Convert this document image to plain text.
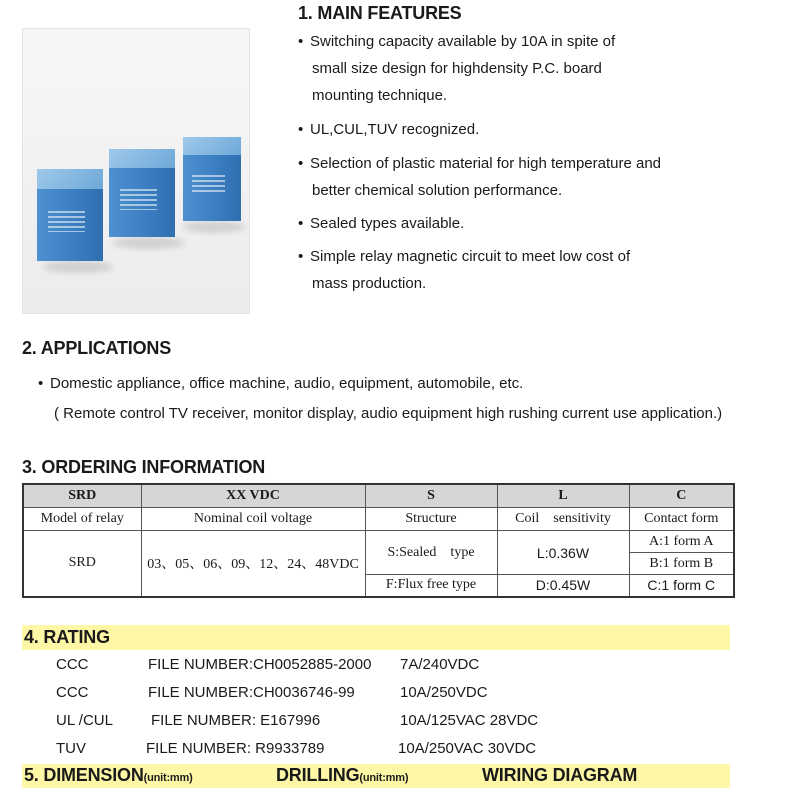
1. MAIN FEATURES
• Switching capacity available by 10A in spite of
small size design for highdensity P.C. board
mounting technique.
• UL,CUL,TUV recognized.
• Selection of plastic material for high temperature and
better chemical solution performance.
• Sealed types available.
• Simple relay magnetic circuit to meet low cost of
mass production.
2. APPLICATIONS
• Domestic appliance, office machine, audio, equipment, automobile, etc.
( Remote control TV receiver, monitor display, audio equipment high rushing current use application.)
3. ORDERING INFORMATION
SRD	XX VDC	S	L	C
Model of relay	Nominal coil voltage	Structure	Coil    sensitivity	Contact form
SRD	03、05、06、09、12、24、48VDC	S:Sealed    type	L:0.36W	A:1 form A
				B:1 form B
		F:Flux free type	D:0.45W	C:1 form C
4. RATING
CCC	FILE NUMBER:CH0052885-2000 7A/240VDC
CCC	FILE NUMBER:CH0036746-99	10A/250VDC
UL /CUL	FILE NUMBER: E167996	10A/125VAC 28VDC
TUV	FILE NUMBER: R9933789	10A/250VAC 30VDC
5. DIMENSION(unit:mm)	DRILLING(unit:mm)	WIRING DIAGRAM
